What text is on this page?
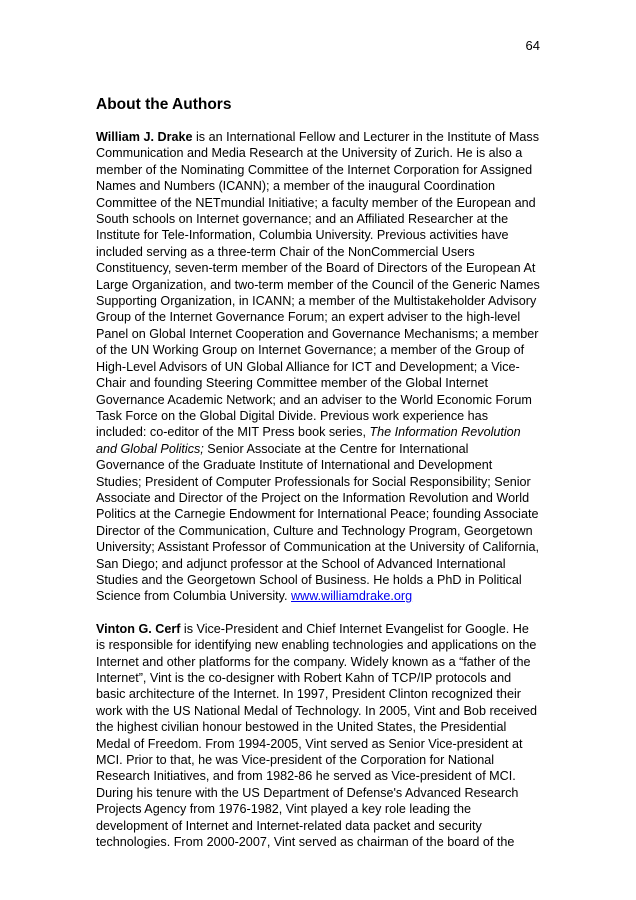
64
About the Authors

William J. Drake is an International Fellow and Lecturer in the Institute of Mass Communication and Media Research at the University of Zurich. He is also a member of the Nominating Committee of the Internet Corporation for Assigned Names and Numbers (ICANN); a member of the inaugural Coordination Committee of the NETmundial Initiative; a faculty member of the European and South schools on Internet governance; and an Affiliated Researcher at the Institute for Tele-Information, Columbia University. Previous activities have included serving as a three-term Chair of the NonCommercial Users Constituency, seven-term member of the Board of Directors of the European At Large Organization, and two-term member of the Council of the Generic Names Supporting Organization, in ICANN; a member of the Multistakeholder Advisory Group of the Internet Governance Forum; an expert adviser to the high-level Panel on Global Internet Cooperation and Governance Mechanisms; a member of the UN Working Group on Internet Governance; a member of the Group of High-Level Advisors of UN Global Alliance for ICT and Development; a Vice-Chair and founding Steering Committee member of the Global Internet Governance Academic Network; and an adviser to the World Economic Forum Task Force on the Global Digital Divide. Previous work experience has included: co-editor of the MIT Press book series, The Information Revolution and Global Politics; Senior Associate at the Centre for International Governance of the Graduate Institute of International and Development Studies; President of Computer Professionals for Social Responsibility; Senior Associate and Director of the Project on the Information Revolution and World Politics at the Carnegie Endowment for International Peace; founding Associate Director of the Communication, Culture and Technology Program, Georgetown University; Assistant Professor of Communication at the University of California, San Diego; and adjunct professor at the School of Advanced International Studies and the Georgetown School of Business. He holds a PhD in Political Science from Columbia University. www.williamdrake.org

Vinton G. Cerf is Vice-President and Chief Internet Evangelist for Google. He is responsible for identifying new enabling technologies and applications on the Internet and other platforms for the company. Widely known as a “father of the Internet”, Vint is the co-designer with Robert Kahn of TCP/IP protocols and basic architecture of the Internet. In 1997, President Clinton recognized their work with the US National Medal of Technology. In 2005, Vint and Bob received the highest civilian honour bestowed in the United States, the Presidential Medal of Freedom. From 1994-2005, Vint served as Senior Vice-president at MCI. Prior to that, he was Vice-president of the Corporation for National Research Initiatives, and from 1982-86 he served as Vice-president of MCI. During his tenure with the US Department of Defense's Advanced Research Projects Agency from 1976-1982, Vint played a key role leading the development of Internet and Internet-related data packet and security technologies. From 2000-2007, Vint served as chairman of the board of the
